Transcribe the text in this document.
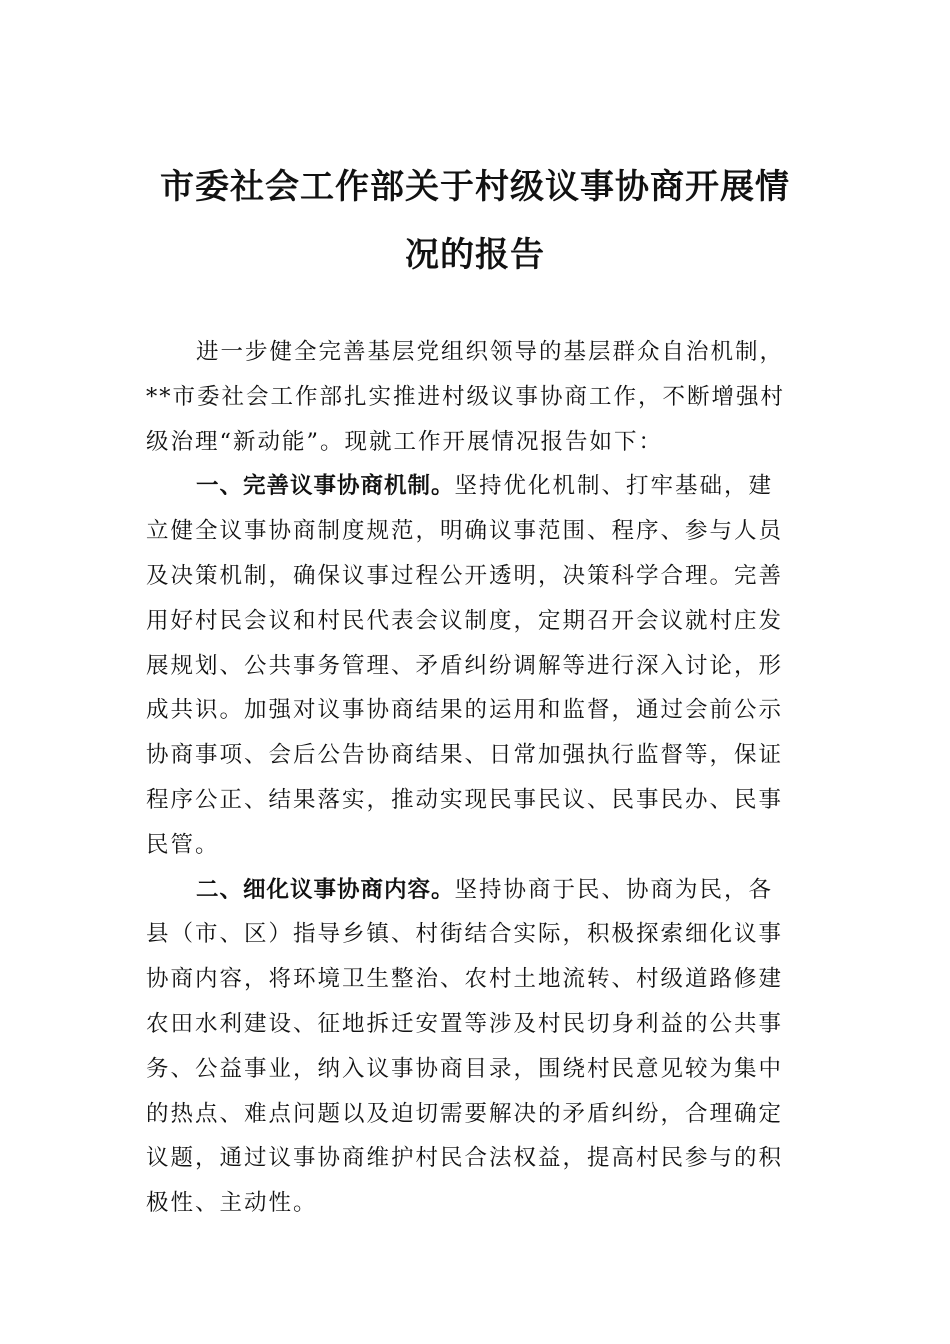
市委社会工作部关于村级议事协商开展情
况的报告

进一步健全完善基层党组织领导的基层群众自治机制，
**市委社会工作部扎实推进村级议事协商工作，不断增强村
级治理“新动能”。现就工作开展情况报告如下：

一、完善议事协商机制。坚持优化机制、打牢基础，建
立健全议事协商制度规范，明确议事范围、程序、参与人员
及决策机制，确保议事过程公开透明，决策科学合理。完善
用好村民会议和村民代表会议制度，定期召开会议就村庄发
展规划、公共事务管理、矛盾纠纷调解等进行深入讨论，形
成共识。加强对议事协商结果的运用和监督，通过会前公示
协商事项、会后公告协商结果、日常加强执行监督等，保证
程序公正、结果落实，推动实现民事民议、民事民办、民事
民管。

二、细化议事协商内容。坚持协商于民、协商为民，各
县（市、区）指导乡镇、村街结合实际，积极探索细化议事
协商内容，将环境卫生整治、农村土地流转、村级道路修建
农田水利建设、征地拆迁安置等涉及村民切身利益的公共事
务、公益事业，纳入议事协商目录，围绕村民意见较为集中
的热点、难点问题以及迫切需要解决的矛盾纠纷，合理确定
议题，通过议事协商维护村民合法权益，提高村民参与的积
极性、主动性。
